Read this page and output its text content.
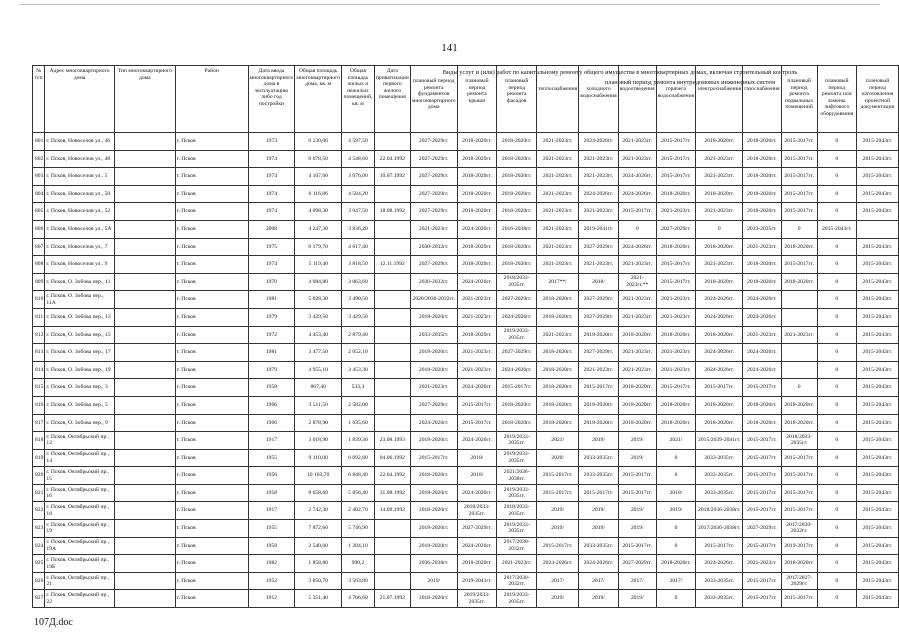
141
Виды услуг и (или) работ по капитальному ремонту общего имущества в многоквартирных домах, включая строительный контроль
плановый период ремонта внутридомовых инженерных систем
№ п/п	Адрес многоквартирного дома	Тип многоквартирного дома	Район	Дата ввода многоквартирного дома в эксплуатацию либо год постройки	Общая площадь многоквартирного дома, кв. м	Общая площадь жилых и нежилых помещений, кв. м	Дата приватизации первого жилого помещения	плановый период ремонта фундаментов многоквартирного дома	плановый период ремонта крыши	плановый период ремонта фасадов	теплоснабжения	холодного водоснабжения	водоотведения	горячего водоснабжения	электроснабжения	газоснабжения	плановый период ремонта подвальных помещений	плановый период ремонта или замены лифтового оборудования	плановый период изготовления проектной документации
801	г. Псков, Новоселов ул., 46		г. Псков	1973	6 130,06	4 597,50		2027-2029гг.	2018-2020гг.	2018-2020гг.	2021-2023гг.	2024-2026гг.	2021-2023гг.	2015-2017гг.	2018-2020гг.	2018-2020гг.	2015-2017гг.	0	2015-2043гг.
802	г. Псков, Новоселов ул., 48		г. Псков	1974	6 078,50	4 548,60	22.04.1992	2027-2029гг.	2018-2020гг.	2018-2020гг.	2021-2023гг.	2021-2023гг.	2021-2023гг.	2015-2017гг.	2021-2023гг.	2018-2020гг.	2015-2017гг.	0	2015-2043гг.
803	г. Псков, Новоселов ул., 5		г. Псков	1974	4 107,60	3 076,00	10.07.1992	2027-2029гг.	2018-2020гг.	2018-2020гг.	2021-2023гг.	2021-2023гг.	2024-2026гг.	2015-2017гг.	2021-2023гг.	2018-2020гг.	2015-2017гг.	0	2015-2043гг.
804	г. Псков, Новоселов ул., 50		г. Псков	1974	6 116,86	4 584,20		2027-2029гг.	2018-2020гг.	2018-2020гг.	2021-2023гг.	2024-2026гг.	2024-2026гг.	2018-2020гг.	2018-2020гг.	2018-2020гг.	2015-2017гг.	0	2015-2043гг.
805	г. Псков, Новоселов ул., 52		г. Псков	1974	4 098,30	3 047,50	18.08.1992	2027-2029гг.	2018-2020гг.	2018-2020гг.	2021-2023гг.	2021-2023гг.	2015-2017гг.	2021-2023гг.	2021-2023гг.	2018-2020гг.	2015-2017гг.	0	2015-2043гг.
806	г. Псков, Новоселов ул., 5А		г. Псков	2008	4 247,30	3 836,20		2021-2023гг.	2024-2026гг.	2016-2038гг.	2021-2023гг.	2019-2041гг.	0	2027-2029гг.	0	2033-2035гг.	0	2015-2043гг.	
807	г. Псков, Новоселов ул., 7		г. Псков	1975	6 179,70	4 617,40		2030-2032гг.	2018-2020гг.	2018-2020гг.	2021-2023гг.	2027-2029гг.	2024-2026гг.	2018-2020гг.	2018-2020гг.	2021-2023гг.	2018-2020гг.	0	2015-2043гг.
808	г. Псков, Новоселов ул., 9		г. Псков	1974	5 119,40	3 818,50	12.11.1992	2027-2029гг.	2018-2020гг.	2018-2020гг.	2021-2023гг.	2021-2023гг.	2021-2023гг.	2015-2017гг.	2021-2023гг.	2018-2020гг.	2015-2017гг.	0	2015-2043гг.
809	г. Псков, О. Зобова пер., 11		г. Псков	1970	4 084,80	3 063,60		2030-2032гг.	2024-2026гг.	2018/2033-2035гг.	2017**/	2018/	2021-2023гг.**	2015-2017гг.	2018-2020гг.	2018-2020гг.	2018-2020гг.	0	2015-2043гг.
810	г. Псков, О. Зобова пер., 11А		г. Псков	1981	5 028,30	3 490,50		2020/2030-2032гг.	2021-2023гг.	2027-2029гг.	2018-2020гг.	2027-2029гг.	2021-2023гг.	2021-2023гг.	2024-2026гг.	2024-2026гг.		0	2015-2043гг.
811	г. Псков, О. Зобова пер., 13		г. Псков	1979	3 429,50	3 429,50		2018-2020гг.	2021-2023гг.	2024-2026гг.	2018-2020гг.	2027-2029гг.	2021-2023гг.	2021-2023гг.	2024-2026гг.	2024-2026гг.		0	2015-2043гг.
812	г. Псков, О. Зобова пер., 15		г. Псков	1972	4 453,40	2 879,40		2033-2035гг.	2018-2020гг.	2019/2033-2035гг.	2021-2023гг.	2018-2020гг.	2018-2020гг.	2018-2020гг.	2018-2020гг.	2021-2023гг.	2021-2023гг.	0	2015-2043гг.
813	г. Псков, О. Зобова пер., 17		г. Псков	1981	3 477,50	2 052,10		2018-2020гг.	2021-2023гг.	2027-2029гг.	2018-2020гг.	2027-2029гг.	2021-2023гг.	2021-2023гг.	2024-2026гг.	2024-2026гг.		0	2015-2043гг.
814	г. Псков, О. Зобова пер., 19		г. Псков	1979	4 955,10	3 453,30		2018-2020гг.	2021-2023гг.	2024-2026гг.	2018-2020гг.	2021-2023гг.	2021-2023гг.	2021-2023гг.	2024-2026гг.	2024-2026гг.		0	2015-2043гг.
815	г. Псков, О. Зобова пер., 3		г. Псков	1958	867,40	533,3		2021-2023гг.	2024-2026гг.	2015-2017гг.	2018-2020гг.	2015-2017гг.	2018-2020гг.	2015-2017гг.	2015-2017гг.	2015-2017гг.	0	0	2015-2043гг.
816	г. Псков, О. Зобова пер., 5		г. Псков	1966	3 511,50	2 582,00		2027-2029гг.	2015-2017гг.	2018-2020гг.	2018-2020гг.	2018-2020гг.	2018-2020гг.	2018-2020гг.	2018-2020гг.	2018-2020гг.	2018-2020гг.	0	2015-2043гг.
817	г. Псков, О. Зобова пер., 9		г. Псков	1966	2 878,90	1 635,60		2024-2026гг.	2015-2017гг.	2018-2020гг.	2018-2020гг.	2018-2020гг.	2018-2020гг.	2018-2020гг.	2018-2020гг.	2018-2020гг.	2018-2020гг.	0	2015-2043гг.
818	г. Псков, Октябрьский пр., 12		г. Псков	1917	3 018,90	1 839,30	23.08.1993	2018-2020гг.	2024-2026гг.	2019/2033-2035гг.	2021/	2019/	2019/	2021/	2015/2039-2041гг.	2015-2017гг.	2018/2033-2035гг.	0	2015-2043гг.
819	г. Псков, Октябрьский пр., 14		г. Псков	1955	9 110,00	6 092,80	04.06.1992	2015-2017гг.	2018/	2019/2033-2035гг.	2020/	2033-2035гг.	2019/	0	2033-2035гг.	2015-2017гг.	2015-2017гг.	0	2015-2043гг.
820	г. Псков, Октябрьский пр., 15		г. Псков	1956	10 103,70	6 848,40	22.04.1992	2018-2020гг.	2018/	2021/2036-2038гг.	2015-2017гг.	2033-2035гг.	2015-2017гг.	0	2033-2035гг.	2015-2017гг.	2015-2017гг.	0	2015-2043гг.
821	г. Псков, Октябрьский пр., 16		г. Псков	1958	8 658,60	5 856,40	31.08.1992	2018-2020гг.	2024-2026гг.	2019/2033-2035гг.	2015-2017гг.	2015-2017гг.	2015-2017гг.	2018/	2033-2035гг.	2015-2017гг.	2015-2017гг.	0	2015-2043гг.
822	г. Псков, Октябрьский пр., 18		г. Псков	1917	2 742,30	2 402,70	14.09.1992	2018-2020гг.	2018/2033-2035гг.	2018/2033-2035гг.	2019/	2019/	2019/	2019/	2018/2036-2038гг.	2015-2017гг.	2015-2017гг.	0	2015-2043гг.
823	г. Псков, Октябрьский пр., 19		г. Псков	1955	7 872,60	5 746,90		2018-2020гг.	2027-2029гг.	2019/2033-2035гг.	2019/	2019/	2019/	0	2017/2036-2038гг.	2027-2029гг.	2017/2030-2032гг.	0	2015-2043гг.
824	г. Псков, Октябрьский пр., 19А		г. Псков	1958	2 540,60	1 204,10		2018-2020гг.	2024-2026гг.	2017/2030-2032гг.	2015-2017гг.	2033-2035гг.	2015-2017гг.	0	2015-2017гг.	2015-2017гг.	2019-2017гг.	0	2015-2043гг.
825	г. Псков, Октябрьский пр., 19Б		г. Псков	1982	1 858,80	990,2		2036-2038гг.	2018-2020гг.	2021-2023гг.	2024-2026гг.	2024-2026гг.	2027-2029гг.	2018-2020гг.	2024-2026гг.	2021-2023гг.	2018-2020гг.	0	2015-2043гг.
826	г. Псков, Октябрьский пр., 21		г. Псков	1952	3 850,70	3 563,80		2019/	2019-2041гг.	2017/2030-2032гг.	2017/	2017/	2017/	2017/	2033-2035гг.	2015-2017гг.	2017/2027-2029гг.	0	2015-2043гг.
827	г. Псков, Октябрьский пр., 22		г. Псков	1912	5 351,40	4 766,60	21.07.1992	2018-2020гг.	2019/2033-2035гг.	2019/2033-2035гг.	2019/	2019/	2019/	0	2033-2035гг.	2015-2017гг.	2015-2017гг.	0	2015-2043гг.
107Д.doc
